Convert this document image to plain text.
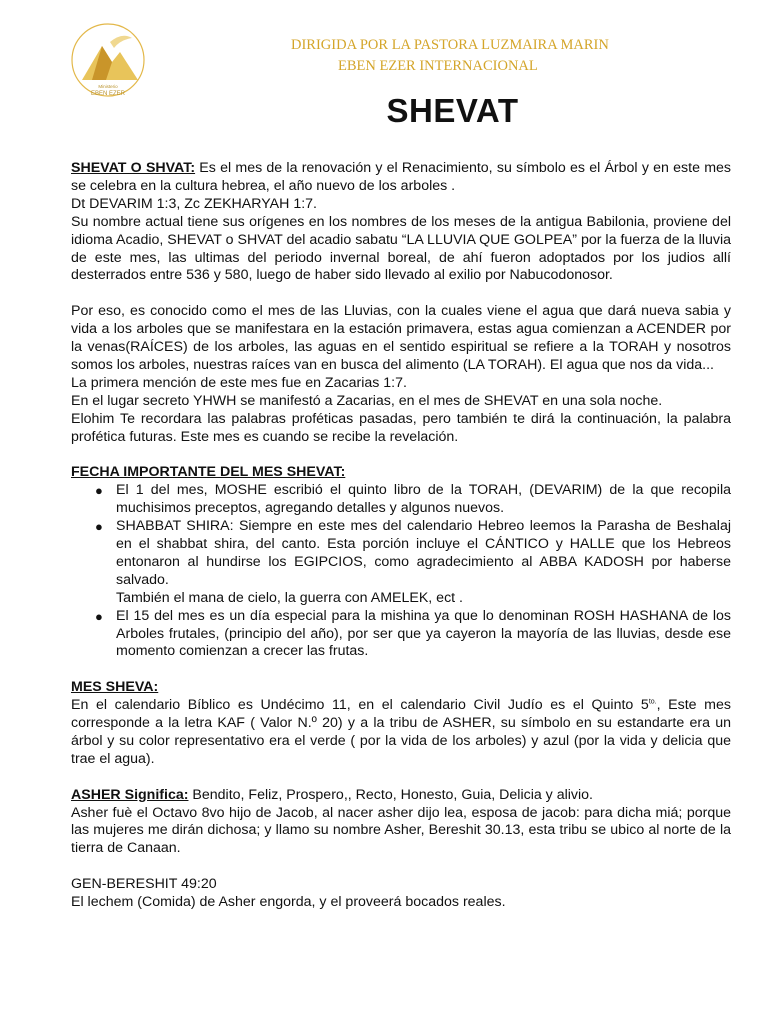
Ministerio
EBEN EZER
DIRIGIDA POR LA PASTORA LUZMAIRA MARIN
EBEN EZER INTERNACIONAL
SHEVAT

SHEVAT O SHVAT: Es el mes de la renovación y el Renacimiento, su símbolo es el Árbol y en este mes se celebra en la cultura hebrea, el año nuevo de los arboles .

Dt DEVARIM 1:3, Zc ZEKHARYAH 1:7.

Su nombre actual tiene sus orígenes en los nombres de los meses de la antigua Babilonia, proviene del idioma Acadio, SHEVAT o SHVAT del acadio sabatu “LA LLUVIA QUE GOLPEA” por la fuerza de la lluvia de este mes, las ultimas del periodo invernal boreal, de ahí fueron adoptados por los judios allí desterrados entre 536 y 580, luego de haber sido llevado al exilio por Nabucodonosor.

Por eso, es conocido como el mes de las Lluvias, con la cuales viene el agua que dará nueva sabia y vida a los arboles que se manifestara en la estación primavera, estas agua comienzan a ACENDER por la venas(RAÍCES) de los arboles, las aguas en el sentido espiritual se refiere a la TORAH y nosotros somos los arboles, nuestras raíces van en busca del alimento (LA TORAH). El agua que nos da vida...

La primera mención de este mes fue en Zacarias 1:7.

En el lugar secreto YHWH se manifestó a Zacarias, en el mes de SHEVAT en una sola noche.

Elohim Te recordara las palabras proféticas pasadas, pero también te dirá la continuación, la palabra profética futuras. Este mes es cuando se recibe la revelación.

FECHA IMPORTANTE DEL MES SHEVAT:

● El 1 del mes, MOSHE escribió el quinto libro de la TORAH, (DEVARIM) de la que recopila muchisimos preceptos, agregando detalles y algunos nuevos.
● SHABBAT SHIRA: Siempre en este mes del calendario Hebreo leemos la Parasha de Beshalaj en el shabbat shira, del canto. Esta porción incluye el CÁNTICO y HALLE que los Hebreos entonaron al hundirse los EGIPCIOS, como agradecimiento al ABBA KADOSH por haberse salvado.
También el mana de cielo, la guerra con AMELEK, ect .
● El 15 del mes es un día especial para la mishina ya que lo denominan ROSH HASHANA de los Arboles frutales, (principio del año), por ser que ya cayeron la mayoría de las lluvias, desde ese momento comienzan a crecer las frutas.

MES SHEVA:

En el calendario Bíblico es Undécimo 11, en el calendario Civil Judío es el Quinto $5^{to.}$, Este mes corresponde a la letra KAF ( Valor N.º 20) y a la tribu de ASHER, su símbolo en su estandarte era un árbol y su color representativo era el verde ( por la vida de los arboles) y azul (por la vida y delicia que trae el agua).

ASHER Significa: Bendito, Feliz, Prospero,, Recto, Honesto, Guia, Delicia y alivio.

Asher fuè el Octavo 8vo hijo de Jacob, al nacer asher dijo lea, esposa de jacob: para dicha miá; porque las mujeres me dirán dichosa; y llamo su nombre Asher, Bereshit 30.13, esta tribu se ubico al norte de la tierra de Canaan.

GEN-BERESHIT 49:20

El lechem (Comida) de Asher engorda, y el proveerá bocados reales.
